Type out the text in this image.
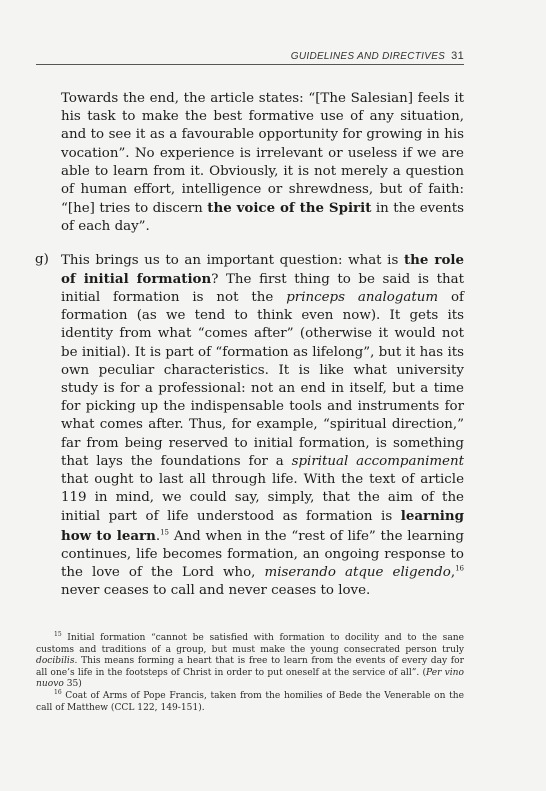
GUIDELINES AND DIRECTIVES 31

Towards the end, the article states: “[The Salesian] feels it his task to make the best formative use of any situation, and to see it as a favourable opportunity for growing in his vocation”. No experience is irrelevant or useless if we are able to learn from it. Obviously, it is not merely a question of human effort, intelligence or shrewdness, but of faith: “[he] tries to discern the voice of the Spirit in the events of each day”.

g) This brings us to an important question: what is the role of initial formation? The first thing to be said is that initial formation is not the princeps analogatum of formation (as we tend to think even now). It gets its identity from what “comes after” (otherwise it would not be initial). It is part of “formation as lifelong”, but it has its own peculiar characteristics. It is like what university study is for a professional: not an end in itself, but a time for picking up the indispensable tools and instruments for what comes after. Thus, for example, “spiritual direction,” far from being reserved to initial formation, is something that lays the foundations for a spiritual accompaniment that ought to last all through life. With the text of article 119 in mind, we could say, simply, that the aim of the initial part of life understood as formation is learning how to learn.$^{15}$ And when in the “rest of life” the learning continues, life becomes formation, an ongoing response to the love of the Lord who, miserando atque eligendo,$^{16}$ never ceases to call and never ceases to love.

$^{15}$ Initial formation “cannot be satisfied with formation to docility and to the sane customs and traditions of a group, but must make the young consecrated person truly docibilis. This means forming a heart that is free to learn from the events of every day for all one’s life in the footsteps of Christ in order to put oneself at the service of all”. (Per vino nuovo 35)

$^{16}$ Coat of Arms of Pope Francis, taken from the homilies of Bede the Venerable on the call of Matthew (CCL 122, 149-151).
